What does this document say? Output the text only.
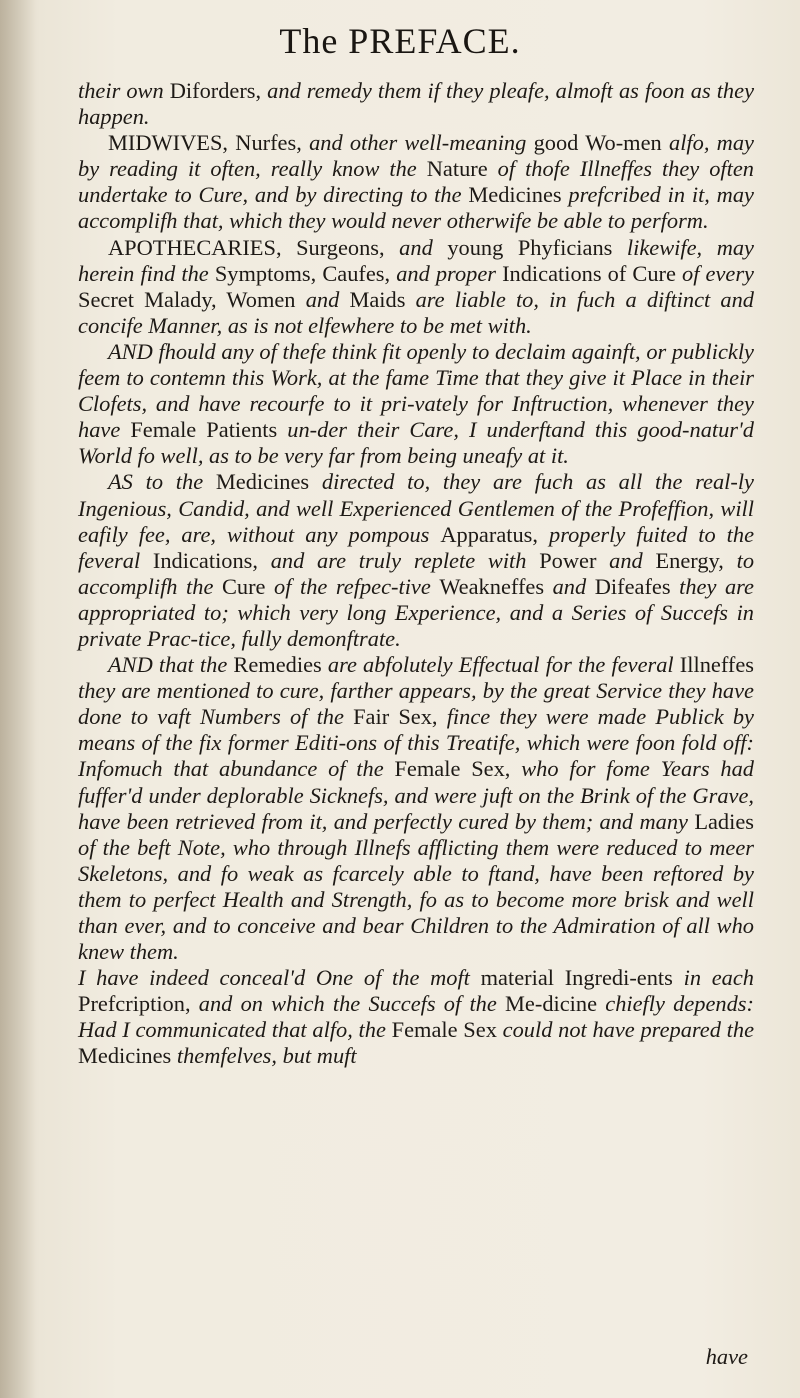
The PREFACE.

their own Diforders, and remedy them if they pleafe, almoft as foon as they happen.

MIDWIVES, Nurfes, and other well-meaning good Wo-men alfo, may by reading it often, really know the Nature of thofe Illneffes they often undertake to Cure, and by directing to the Medicines prefcribed in it, may accomplifh that, which they would never otherwife be able to perform.

APOTHECARIES, Surgeons, and young Phyficians likewife, may herein find the Symptoms, Caufes, and proper Indications of Cure of every Secret Malady, Women and Maids are liable to, in fuch a diftinct and concife Manner, as is not elfewhere to be met with.

AND fhould any of thefe think fit openly to declaim againft, or publickly feem to contemn this Work, at the fame Time that they give it Place in their Clofets, and have recourfe to it pri-vately for Inftruction, whenever they have Female Patients un-der their Care, I underftand this good-natur'd World fo well, as to be very far from being uneafy at it.

AS to the Medicines directed to, they are fuch as all the real-ly Ingenious, Candid, and well Experienced Gentlemen of the Profeffion, will eafily fee, are, without any pompous Apparatus, properly fuited to the feveral Indications, and are truly replete with Power and Energy, to accomplifh the Cure of the refpec-tive Weakneffes and Difeafes they are appropriated to; which very long Experience, and a Series of Succefs in private Prac-tice, fully demonftrate.

AND that the Remedies are abfolutely Effectual for the feveral Illneffes they are mentioned to cure, farther appears, by the great Service they have done to vaft Numbers of the Fair Sex, fince they were made Publick by means of the fix former Editi-ons of this Treatife, which were foon fold off: Infomuch that abundance of the Female Sex, who for fome Years had fuffer'd under deplorable Sicknefs, and were juft on the Brink of the Grave, have been retrieved from it, and perfectly cured by them; and many Ladies of the beft Note, who through Illnefs afflicting them were reduced to meer Skeletons, and fo weak as fcarcely able to ftand, have been reftored by them to perfect Health and Strength, fo as to become more brisk and well than ever, and to conceive and bear Children to the Admiration of all who knew them.

I have indeed conceal'd One of the moft material Ingredi-ents in each Prefcription, and on which the Succefs of the Me-dicine chiefly depends: Had I communicated that alfo, the Female Sex could not have prepared the Medicines themfelves, but muft

have
